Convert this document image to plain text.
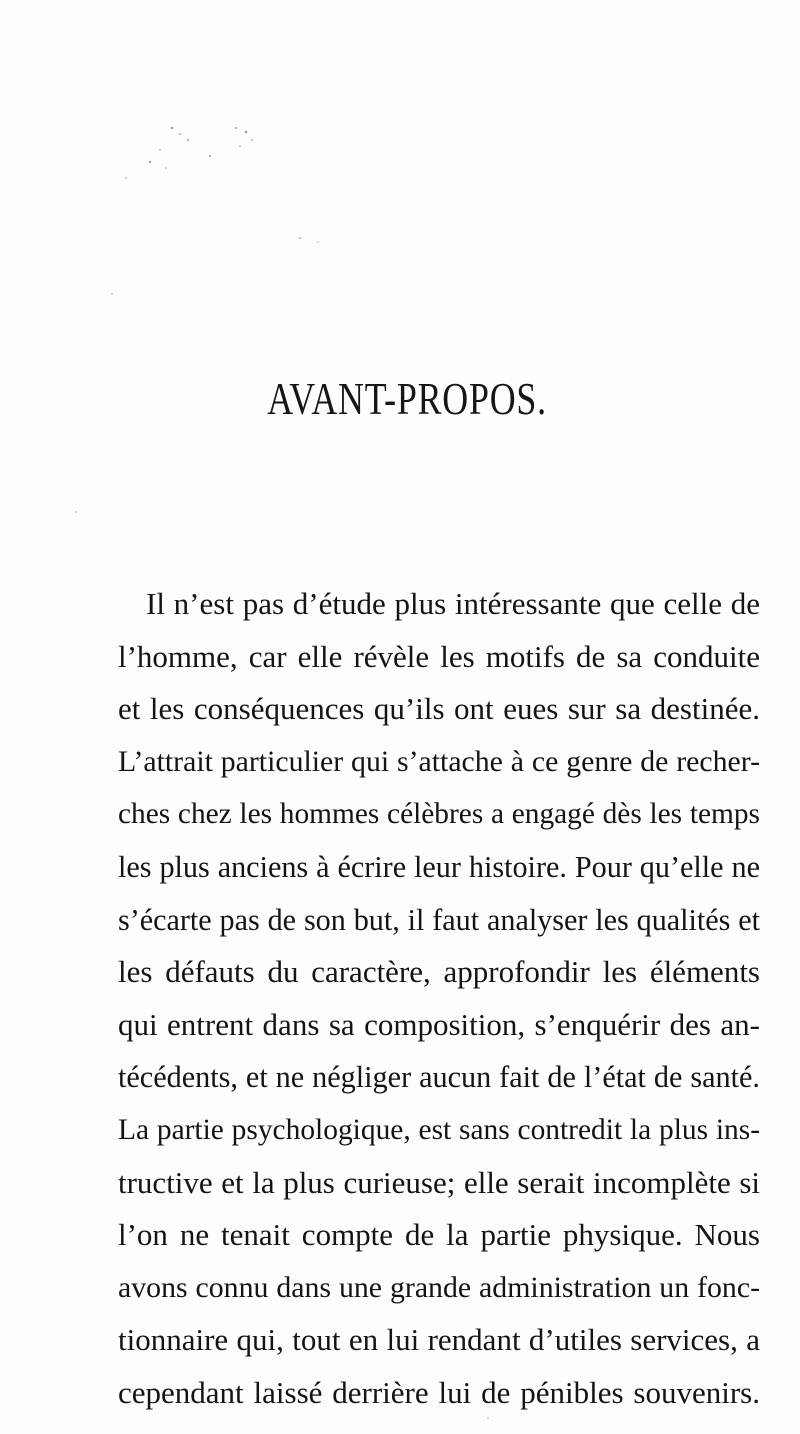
AVANT-PROPOS.
Il n’est pas d’étude plus intéressante que celle de
l’homme, car elle révèle les motifs de sa conduite
et les conséquences qu’ils ont eues sur sa destinée.
L’attrait particulier qui s’attache à ce genre de recher-
ches chez les hommes célèbres a engagé dès les temps
les plus anciens à écrire leur histoire. Pour qu’elle ne
s’écarte pas de son but, il faut analyser les qualités et
les défauts du caractère, approfondir les éléments
qui entrent dans sa composition, s’enquérir des an-
técédents, et ne négliger aucun fait de l’état de santé.
La partie psychologique, est sans contredit la plus ins-
tructive et la plus curieuse; elle serait incomplète si
l’on ne tenait compte de la partie physique. Nous
avons connu dans une grande administration un fonc-
tionnaire qui, tout en lui rendant d’utiles services, a
cependant laissé derrière lui de pénibles souvenirs.
